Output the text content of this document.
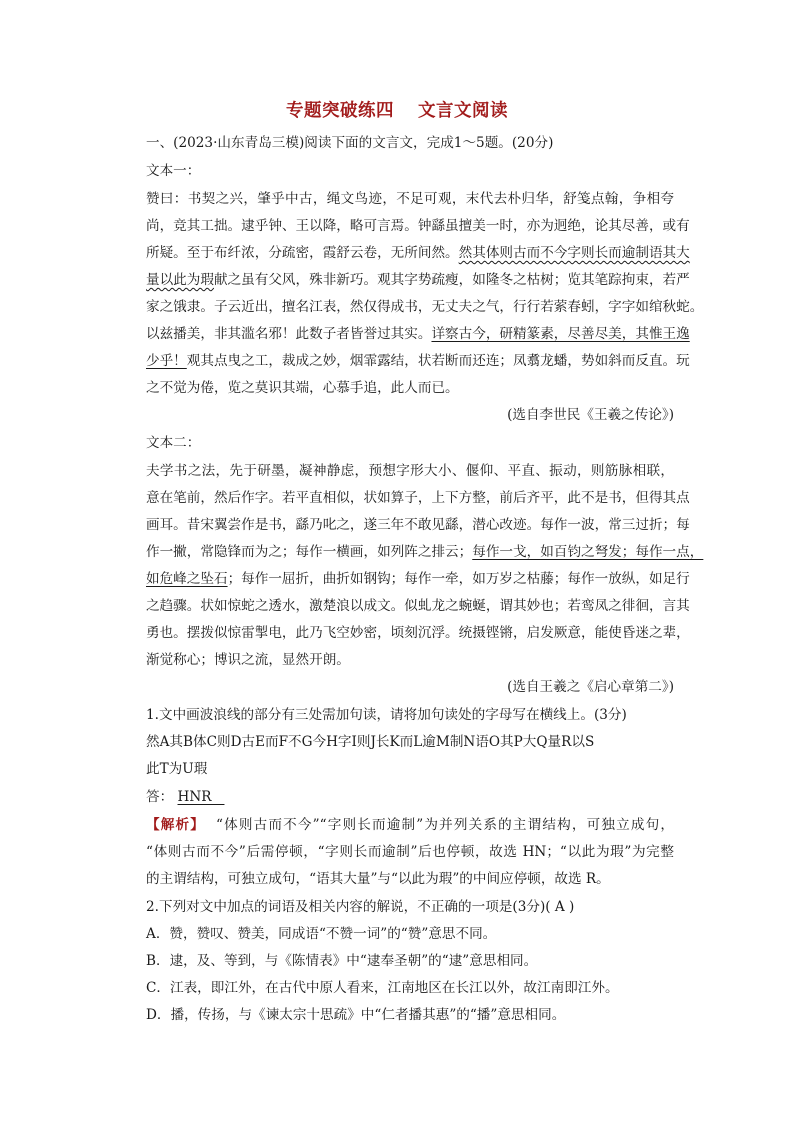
专题突破练四 文言文阅读
一、(2023·山东青岛三模)阅读下面的文言文，完成1～5题。(20分)
文本一：
赞曰：书契之兴，肇乎中古，绳文鸟迹，不足可观，末代去朴归华，舒笺点翰，争相夸
尚，竞其工拙。逮乎钟、王以降，略可言焉。钟繇虽擅美一时，亦为迥绝，论其尽善，或有
所疑。至于布纤浓，分疏密，霞舒云卷，无所间然。然其体则古而不今字则长而逾制语其大
量以此为瑕献之虽有父风，殊非新巧。观其字势疏瘦，如隆冬之枯树；览其笔踪拘束，若严
家之饿隶。子云近出，擅名江表，然仅得成书，无丈夫之气，行行若萦春蚓，字字如绾秋蛇。
以兹播美，非其滥名邪！此数子者皆誉过其实。详察古今，研精篆素，尽善尽美，其惟王逸
少乎！观其点曳之工，裁成之妙，烟霏露结，状若断而还连；凤翥龙蟠，势如斜而反直。玩
之不觉为倦，览之莫识其端，心慕手追，此人而已。
(选自李世民《王羲之传论》)
文本二：
夫学书之法，先于研墨，凝神静虑，预想字形大小、偃仰、平直、振动，则筋脉相联，
意在笔前，然后作字。若平直相似，状如算子，上下方整，前后齐平，此不是书，但得其点
画耳。昔宋翼尝作是书，繇乃叱之，遂三年不敢见繇，潜心改迹。每作一波，常三过折；每
作一撇，常隐锋而为之；每作一横画，如列阵之排云；每作一戈，如百钧之弩发；每作一点，
如危峰之坠石；每作一屈折，曲折如钢钩；每作一牵，如万岁之枯藤；每作一放纵，如足行
之趋骤。状如惊蛇之透水，激楚浪以成文。似虬龙之蜿蜒，谓其妙也；若鸾凤之徘徊，言其
勇也。摆拨似惊雷掣电，此乃飞空妙密，顷刻沉浮。统摄铿锵，启发厥意，能使昏迷之辈，
渐觉称心；博识之流，显然开朗。
(选自王羲之《启心章第二》)
1.文中画波浪线的部分有三处需加句读，请将加句读处的字母写在横线上。(3分)
然A其B体C则D古E而F不G今H字I则J长K而L逾M制N语O其P大Q量R以S
此T为U瑕
答： HNR
【解析】 “体则古而不今”“字则长而逾制”为并列关系的主谓结构，可独立成句，
“体则古而不今”后需停顿，“字则长而逾制”后也停顿，故选 HN；“以此为瑕”为完整
的主谓结构，可独立成句，“语其大量”与“以此为瑕”的中间应停顿，故选 R。
2.下列对文中加点的词语及相关内容的解说，不正确的一项是(3分)( A )
A．赞，赞叹、赞美，同成语“不赞一词”的“赞”意思不同。
B．逮，及、等到，与《陈情表》中“逮奉圣朝”的“逮”意思相同。
C．江表，即江外，在古代中原人看来，江南地区在长江以外，故江南即江外。
D．播，传扬，与《谏太宗十思疏》中“仁者播其惠”的“播”意思相同。
